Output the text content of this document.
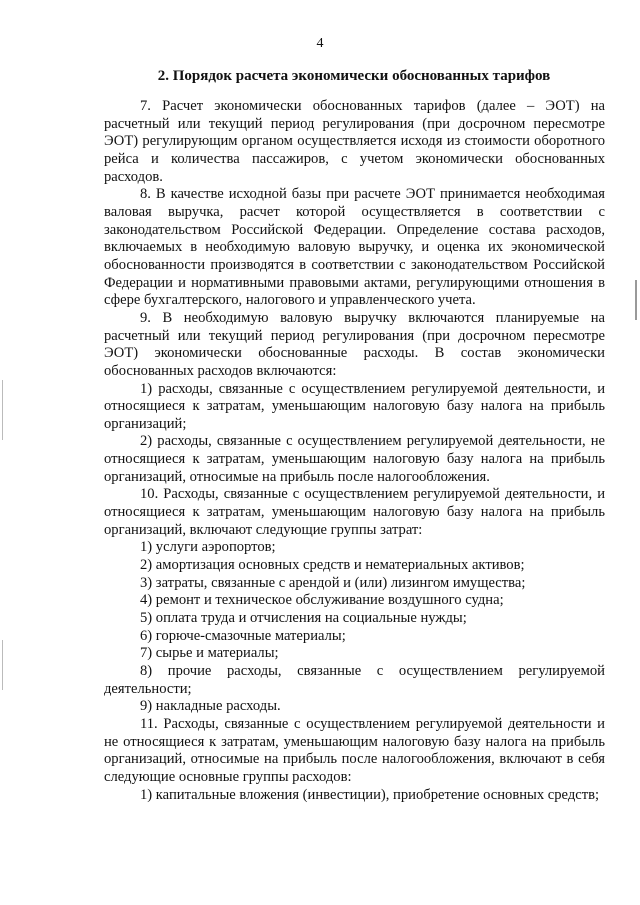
4
2. Порядок расчета экономически обоснованных тарифов

7. Расчет экономически обоснованных тарифов (далее – ЭОТ) на расчетный или текущий период регулирования (при досрочном пересмотре ЭОТ) регулирующим органом осуществляется исходя из стоимости оборотного рейса и количества пассажиров, с учетом экономически обоснованных расходов.

8. В качестве исходной базы при расчете ЭОТ принимается необходимая валовая выручка, расчет которой осуществляется в соответствии с законодательством Российской Федерации. Определение состава расходов, включаемых в необходимую валовую выручку, и оценка их экономической обоснованности производятся в соответствии с законодательством Российской Федерации и нормативными правовыми актами, регулирующими отношения в сфере бухгалтерского, налогового и управленческого учета.

9. В необходимую валовую выручку включаются планируемые на расчетный или текущий период регулирования (при досрочном пересмотре ЭОТ) экономически обоснованные расходы. В состав экономически обоснованных расходов включаются:

1) расходы, связанные с осуществлением регулируемой деятельности, и относящиеся к затратам, уменьшающим налоговую базу налога на прибыль организаций;

2) расходы, связанные с осуществлением регулируемой деятельности, не относящиеся к затратам, уменьшающим налоговую базу налога на прибыль организаций, относимые на прибыль после налогообложения.

10. Расходы, связанные с осуществлением регулируемой деятельности, и относящиеся к затратам, уменьшающим налоговую базу налога на прибыль организаций, включают следующие группы затрат:

1) услуги аэропортов;

2) амортизация основных средств и нематериальных активов;

3) затраты, связанные с арендой и (или) лизингом имущества;

4) ремонт и техническое обслуживание воздушного судна;

5) оплата труда и отчисления на социальные нужды;

6) горюче-смазочные материалы;

7) сырье и материалы;

8) прочие расходы, связанные с осуществлением регулируемой деятельности;

9) накладные расходы.

11. Расходы, связанные с осуществлением регулируемой деятельности и не относящиеся к затратам, уменьшающим налоговую базу налога на прибыль организаций, относимые на прибыль после налогообложения, включают в себя следующие основные группы расходов:

1) капитальные вложения (инвестиции), приобретение основных средств;
